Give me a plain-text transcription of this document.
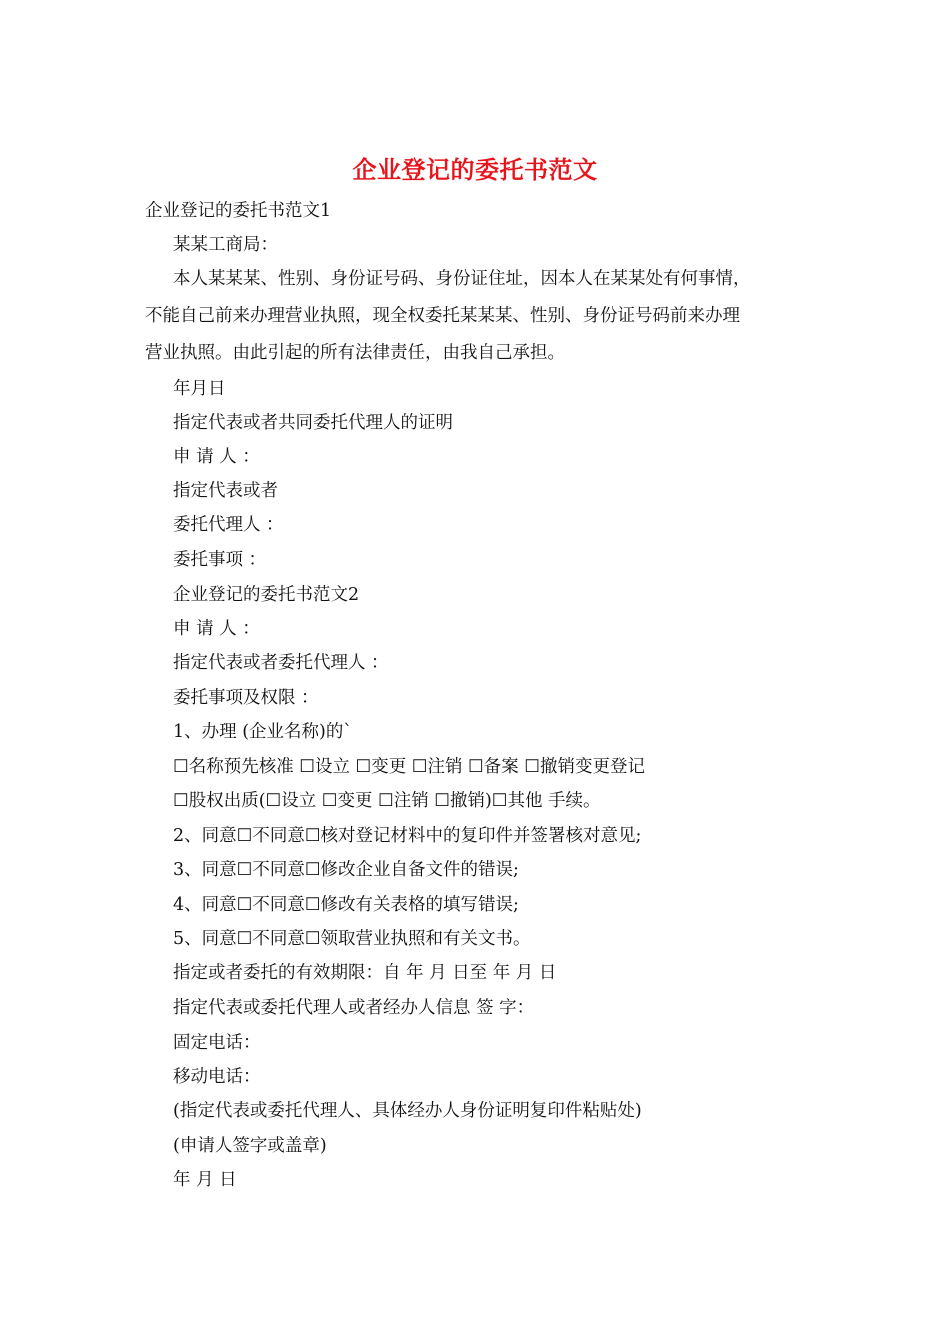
企业登记的委托书范文
企业登记的委托书范文1
某某工商局：
本人某某某、性别、身份证号码、身份证住址，因本人在某某处有何事情，
不能自己前来办理营业执照，现全权委托某某某、性别、身份证号码前来办理
营业执照。由此引起的所有法律责任，由我自己承担。
年月日
指定代表或者共同委托代理人的证明
申 请 人 ：
指定代表或者
委托代理人 ：
委托事项 ：
企业登记的委托书范文2
申 请 人 ：
指定代表或者委托代理人 ：
委托事项及权限 ：
1、办理 (企业名称)的`
☐名称预先核准 ☐设立 ☐变更 ☐注销 ☐备案 ☐撤销变更登记
☐股权出质(☐设立 ☐变更 ☐注销 ☐撤销)☐其他 手续。
2、同意☐不同意☐核对登记材料中的复印件并签署核对意见;
3、同意☐不同意☐修改企业自备文件的错误;
4、同意☐不同意☐修改有关表格的填写错误;
5、同意☐不同意☐领取营业执照和有关文书。
指定或者委托的有效期限：自 年 月 日至 年 月 日
指定代表或委托代理人或者经办人信息 签 字：
固定电话：
移动电话：
(指定代表或委托代理人、具体经办人身份证明复印件粘贴处)
(申请人签字或盖章)
年 月 日
